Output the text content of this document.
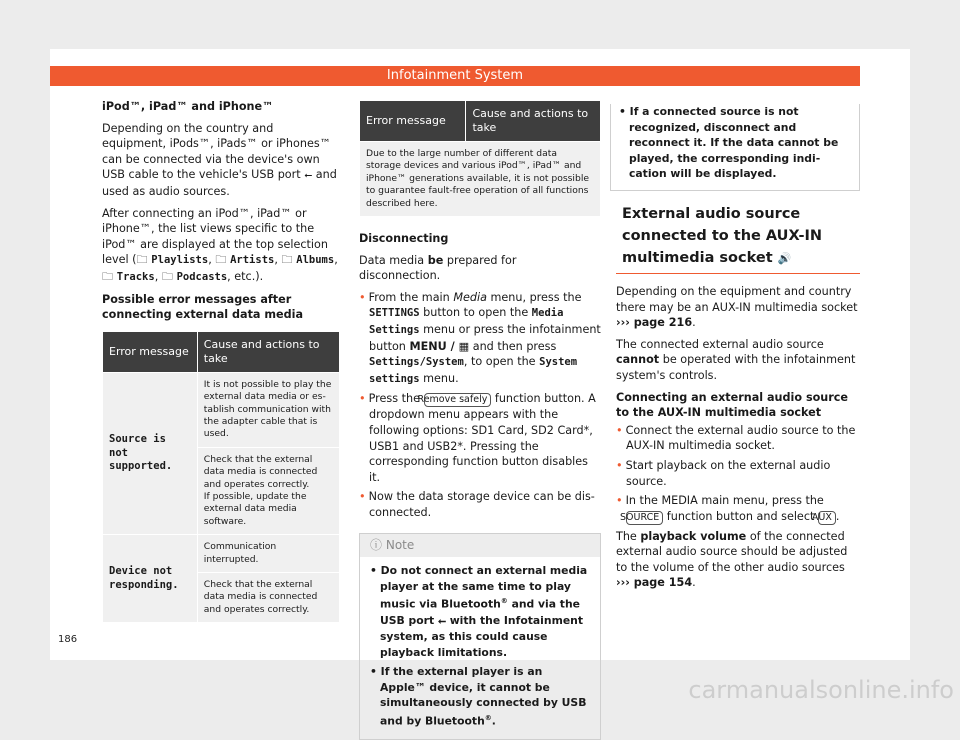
Infotainment System
186
carmanualsonline.info

iPod™, iPad™ and iPhone™

Depending on the country and equipment, iPods™, iPads™ or iPhones™ can be connected via the device's own USB cable to the vehicle's USB port ⭠ and used as audio sources.

After connecting an iPod™, iPad™ or iPhone™, the list views specific to the iPod™ are displayed at the top selection level (🗀 Playlists, 🗀 Artists, 🗀 Albums, 🗀 Tracks, 🗀 Podcasts, etc.).

Possible error messages after connecting external data media

Error message	Cause and actions to take
Source is not supported.	It is not possible to play the external data media or establish communication with the adapter cable that is used.
	Check that the external data media is connected and operates correctly.
If possible, update the external data media software.
Device not responding.	Communication interrupted.
	Check that the external data media is connected and operates correctly.
Error message	Cause and actions to take
Due to the large number of different data storage devices and various iPod™, iPad™ and iPhone™ generations available, it is not possible to guarantee fault-free operation of all functions described here.

Disconnecting

Data media be prepared for disconnection.

• From the main Media menu, press the SETTINGS button to open the Media Settings menu or press the infotainment button MENU / ▦ and then press Settings/System, to open the System settings menu.

• Press the Remove safely function button. A dropdown menu appears with the following options: SD1 Card, SD2 Card*, USB1 and USB2*. Pressing the corresponding function button disables it.

• Now the data storage device can be disconnected.

ⓘ Note

• Do not connect an external media player at the same time to play music via Bluetooth® and via the USB port ⭠ with the Infotainment system, as this could cause playback limitations.

• If the external player is an Apple™ device, it cannot be simultaneously connected by USB and by Bluetooth®.

• If a connected source is not recognized, disconnect and reconnect it. If the data cannot be played, the corresponding indication will be displayed.

External audio source connected to the AUX-IN multimedia socket 🔊

Depending on the equipment and country there may be an AUX-IN multimedia socket ››› page 216.

The connected external audio source cannot be operated with the infotainment system's controls.

Connecting an external audio source to the AUX-IN multimedia socket

• Connect the external audio source to the AUX-IN multimedia socket.

• Start playback on the external audio source.

• In the MEDIA main menu, press the SOURCE function button and select AUX .

The playback volume of the connected external audio source should be adjusted to the volume of the other audio sources ››› page 154.
